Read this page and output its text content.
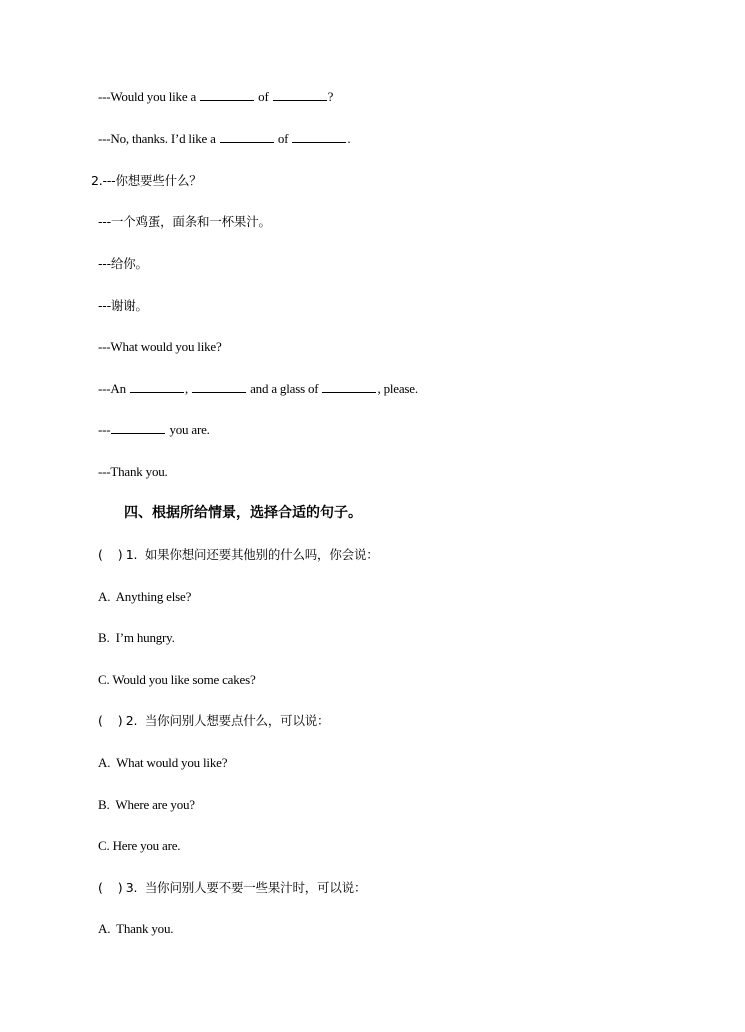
---Would you like a	of	?
---No, thanks. I’d like a	of	.
2.---你想要些什么？
---一个鸡蛋，面条和一杯果汁。
---给你。
---谢谢。
---What would you like?
---An	,	and a glass of	, please.
---	you are.
---Thank you.
四、根据所给情景，选择合适的句子。
(    ) 1.  如果你想问还要其他别的什么吗，你会说：
A.  Anything else?
B.  I’m hungry.
C. Would you like some cakes?
(    ) 2.  当你问别人想要点什么，可以说：
A.  What would you like?
B.  Where are you?
C. Here you are.
(    ) 3.  当你问别人要不要一些果汁时，可以说：
A.  Thank you.
